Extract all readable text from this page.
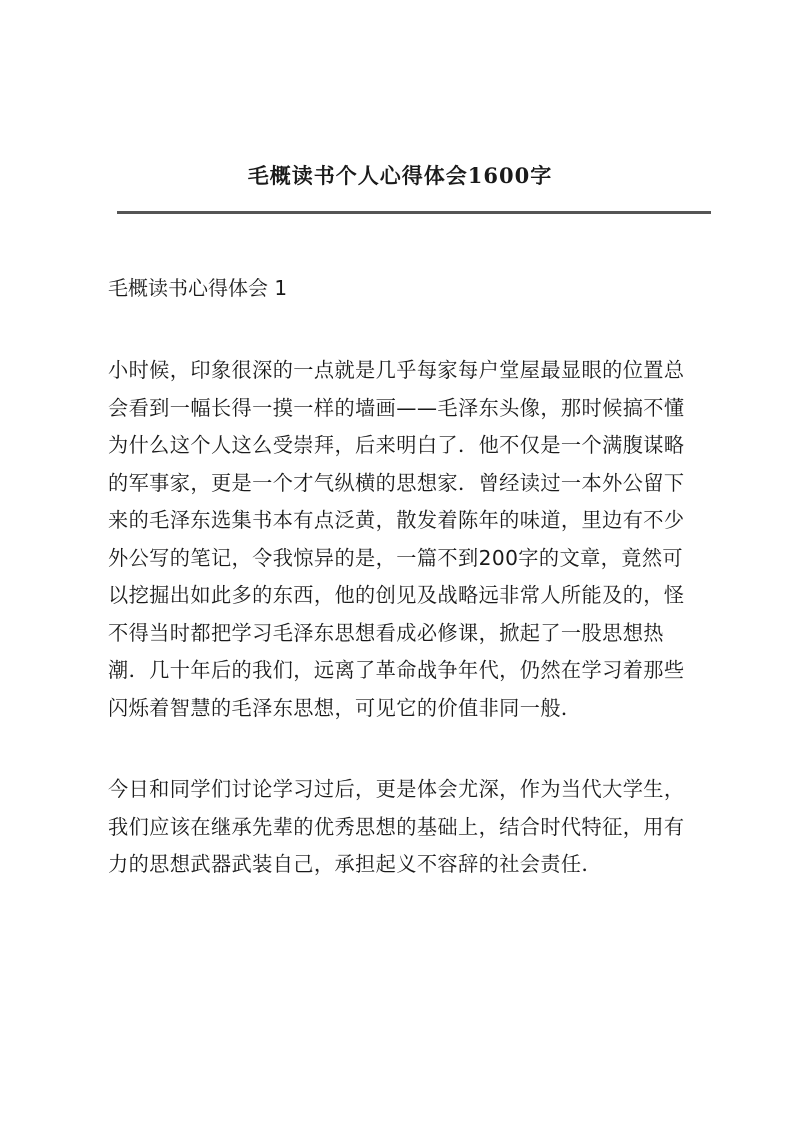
毛概读书个人心得体会1600字

毛概读书心得体会 1

小时候，印象很深的一点就是几乎每家每户堂屋最显眼的位置总
会看到一幅长得一摸一样的墙画——毛泽东头像，那时候搞不懂
为什么这个人这么受崇拜，后来明白了．他不仅是一个满腹谋略
的军事家，更是一个才气纵横的思想家．曾经读过一本外公留下
来的毛泽东选集书本有点泛黄，散发着陈年的味道，里边有不少
外公写的笔记，令我惊异的是，一篇不到200字的文章，竟然可
以挖掘出如此多的东西，他的创见及战略远非常人所能及的，怪
不得当时都把学习毛泽东思想看成必修课，掀起了一股思想热
潮．几十年后的我们，远离了革命战争年代，仍然在学习着那些
闪烁着智慧的毛泽东思想，可见它的价值非同一般．
今日和同学们讨论学习过后，更是体会尤深，作为当代大学生，
我们应该在继承先辈的优秀思想的基础上，结合时代特征，用有
力的思想武器武装自己，承担起义不容辞的社会责任．
